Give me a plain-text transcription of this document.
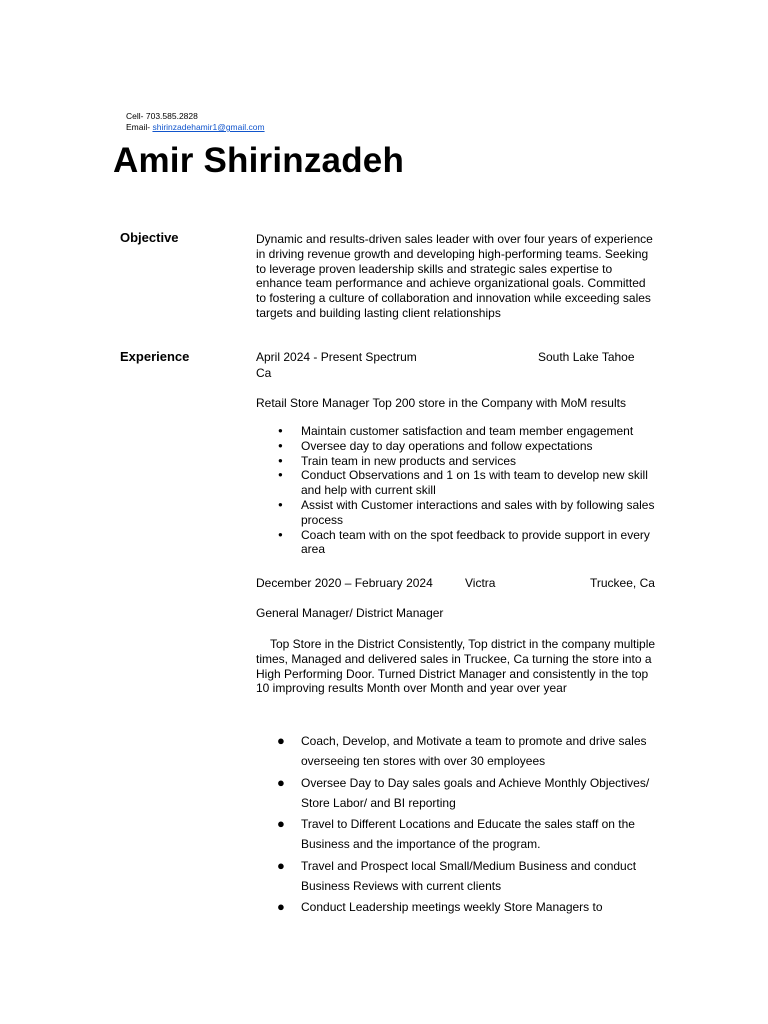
Cell- 703.585.2828
Email- shirinzadehamir1@gmail.com
Amir Shirinzadeh
Objective	Dynamic and results-driven sales leader with over four years of experience in driving revenue growth and developing high-performing teams. Seeking to leverage proven leadership skills and strategic sales expertise to enhance team performance and achieve organizational goals. Committed to fostering a culture of collaboration and innovation while exceeding sales targets and building lasting client relationships
Experience	April 2024 - Present Spectrum	South Lake Tahoe
Ca
Retail Store Manager Top 200 store in the Company with MoM results
● Maintain customer satisfaction and team member engagement
● Oversee day to day operations and follow expectations
● Train team in new products and services
● Conduct Observations and 1 on 1s with team to develop new skill and help with current skill
● Assist with Customer interactions and sales with by following sales process
● Coach team with on the spot feedback to provide support in every area
December 2020 – February 2024	Victra	Truckee, Ca
General Manager/ District Manager
Top Store in the District Consistently, Top district in the company multiple times, Managed and delivered sales in Truckee, Ca turning the store into a High Performing Door. Turned District Manager and consistently in the top 10 improving results Month over Month and year over year
● Coach, Develop, and Motivate a team to promote and drive sales overseeing ten stores with over 30 employees
● Oversee Day to Day sales goals and Achieve Monthly Objectives/ Store Labor/ and BI reporting
● Travel to Different Locations and Educate the sales staff on the Business and the importance of the program.
● Travel and Prospect local Small/Medium Business and conduct Business Reviews with current clients
● Conduct Leadership meetings weekly Store Managers to
